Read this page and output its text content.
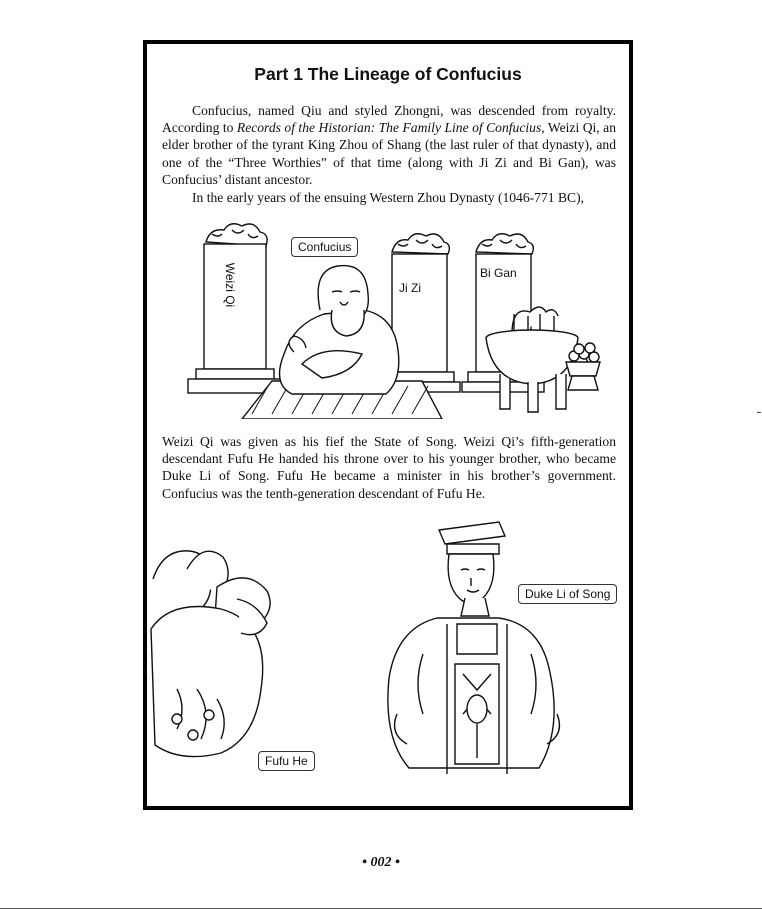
Part 1 The Lineage of Confucius

Confucius, named Qiu and styled Zhongni, was descended from royalty. According to Records of the Historian: The Family Line of Confucius, Weizi Qi, an elder brother of the tyrant King Zhou of Shang (the last ruler of that dynasty), and one of the “Three Worthies” of that time (along with Ji Zi and Bi Gan), was Confucius’ distant ancestor.

In the early years of the ensuing Western Zhou Dynasty (1046-771 BC),

Confucius
Weizi Qi	Ji Zi
Bi Gan

Weizi Qi was given as his fief the State of Song. Weizi Qi’s fifth-generation descendant Fufu He handed his throne over to his younger brother, who became Duke Li of Song. Fufu He became a minister in his brother’s government. Confucius was the tenth-generation descendant of Fufu He.

Fufu He
Duke Li of Song
• 002 •
